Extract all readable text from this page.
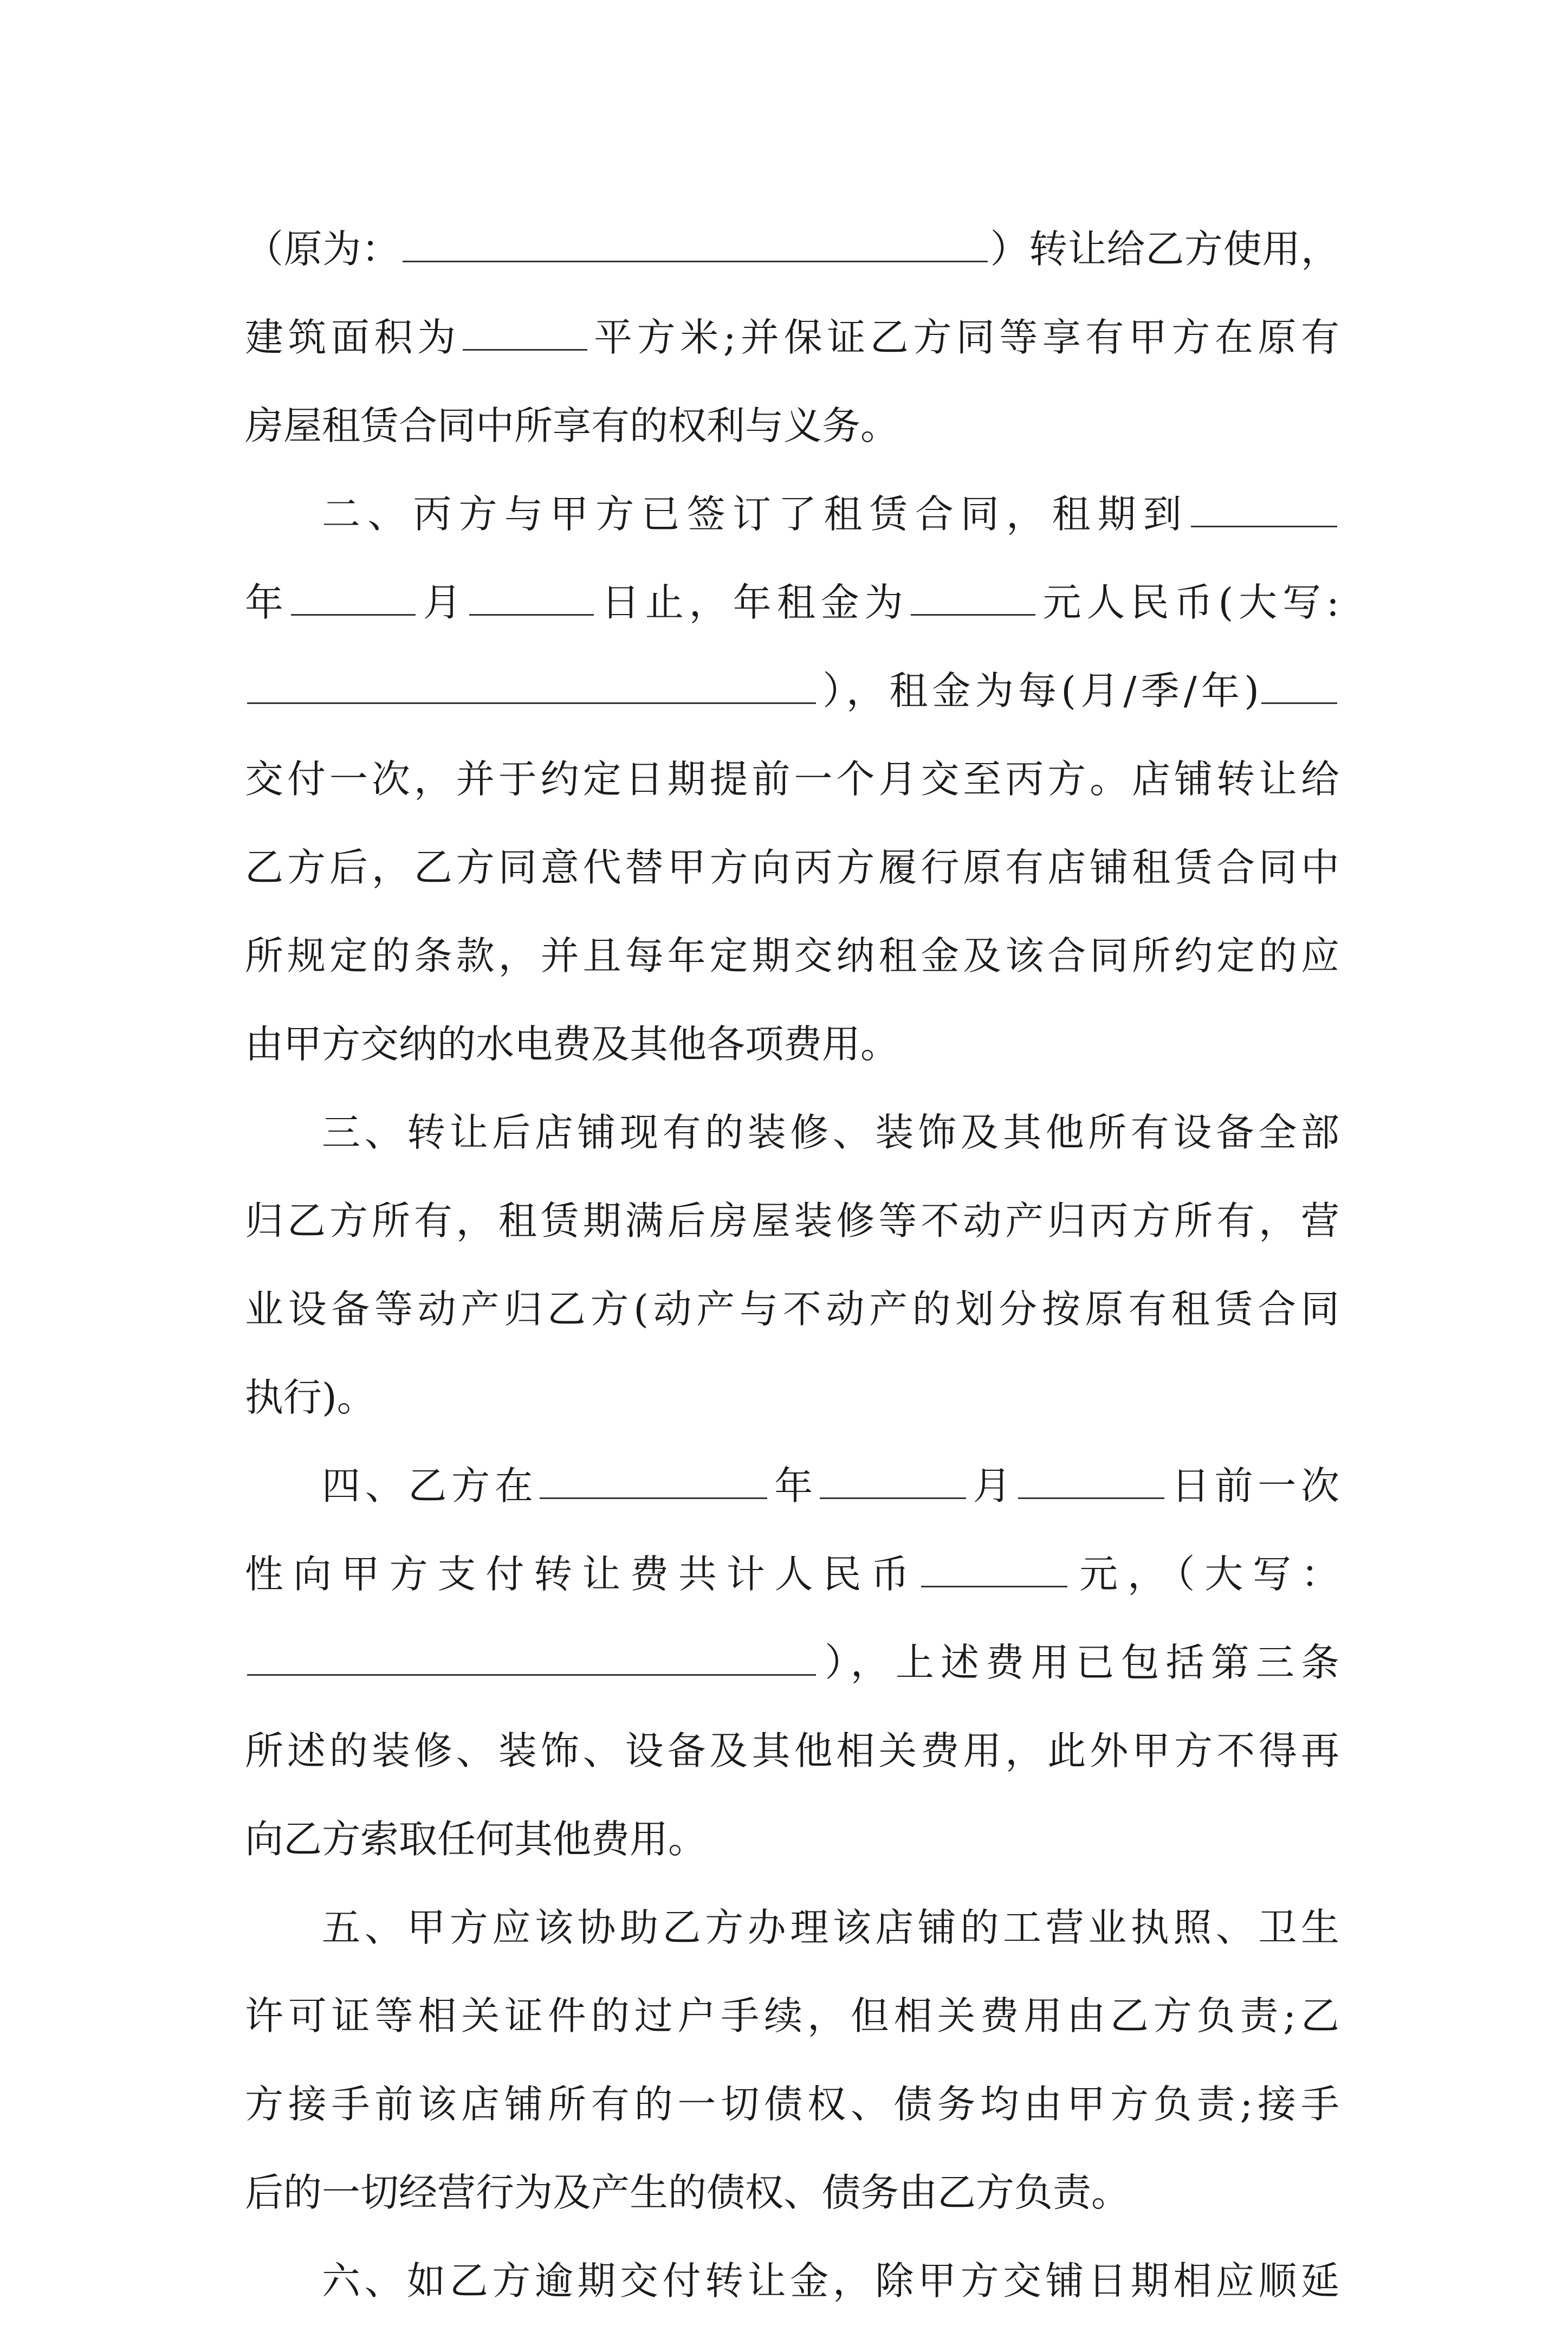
（原为：	）转让给乙方使用，
建筑面积为	平方米;并保证乙方同等享有甲方在原有
房屋租赁合同中所享有的权利与义务。
二、丙方与甲方已签订了租赁合同，租期到
年	月	日止，年租金为	元人民币(大写:
），租金为每(月/季/年)
交付一次，并于约定日期提前一个月交至丙方。店铺转让给
乙方后，乙方同意代替甲方向丙方履行原有店铺租赁合同中
所规定的条款，并且每年定期交纳租金及该合同所约定的应
由甲方交纳的水电费及其他各项费用。
三、转让后店铺现有的装修、装饰及其他所有设备全部
归乙方所有，租赁期满后房屋装修等不动产归丙方所有，营
业设备等动产归乙方(动产与不动产的划分按原有租赁合同
执行)。
四、乙方在	年	月	日前一次
性向甲方支付转让费共计人民币	元，（大写：
），上述费用已包括第三条
所述的装修、装饰、设备及其他相关费用，此外甲方不得再
向乙方索取任何其他费用。
五、甲方应该协助乙方办理该店铺的工营业执照、卫生
许可证等相关证件的过户手续，但相关费用由乙方负责;乙
方接手前该店铺所有的一切债权、债务均由甲方负责;接手
后的一切经营行为及产生的债权、债务由乙方负责。
六、如乙方逾期交付转让金，除甲方交铺日期相应顺延
